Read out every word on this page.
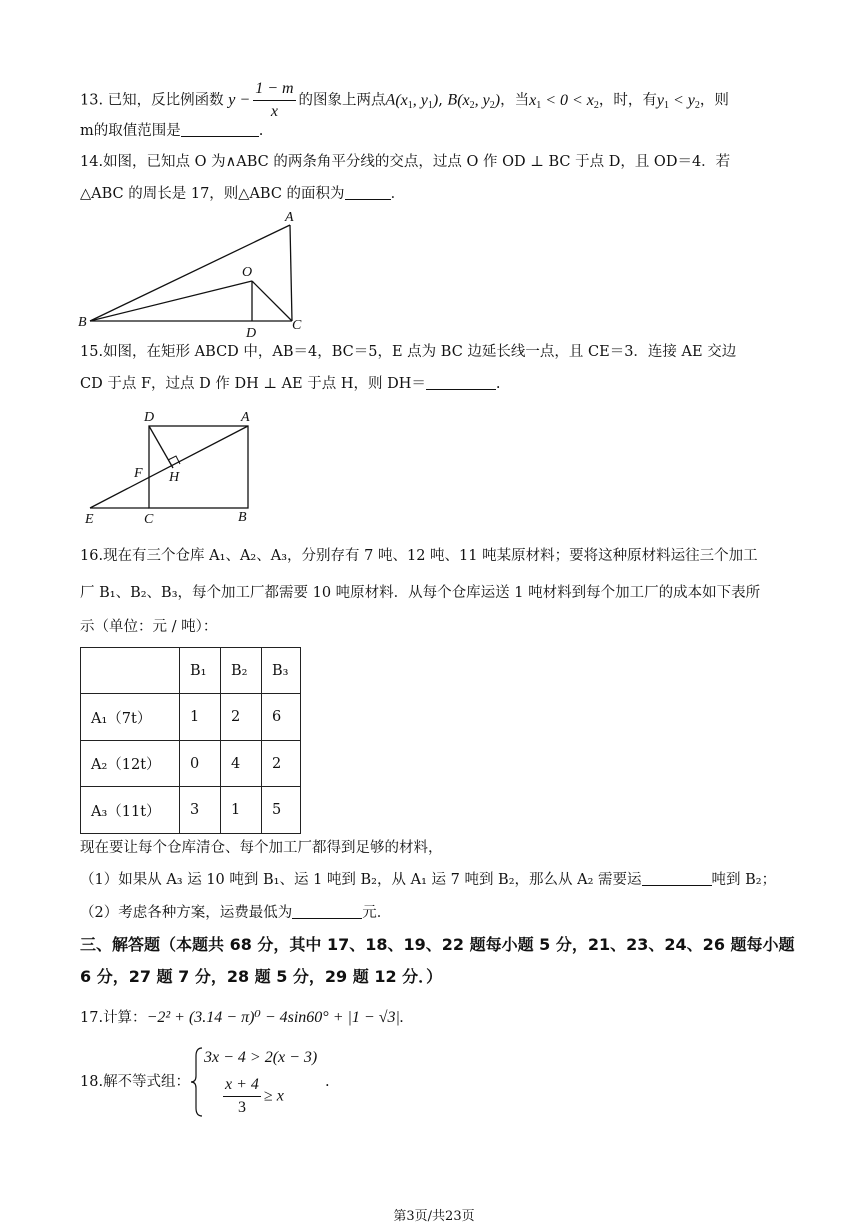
13. 已知，反比例函数 $y - \frac{1 - m}{x}$ 的图象上两点$A(x_1$, $y_1$), $B(x_2$, $y_2$)，当$x_1 < 0 < x_2$，时，有$y_1 < y_2$，则
m的取值范围是	.
14.如图，已知点 O 为∧ABC 的两条角平分线的交点，过点 O 作 OD ⊥ BC 于点 D，且 OD＝4．若
△ABC 的周长是 17，则△ABC 的面积为	．
A
O
B
D
C
15.如图，在矩形 ABCD 中，AB＝4，BC＝5，E 点为 BC 边延长线一点，且 CE＝3．连接 AE 交边
CD 于点 F，过点 D 作 DH ⊥ AE 于点 H，则 DH＝	.
D	A
F H
E	C	B
16.现在有三个仓库 A₁、A₂、A₃，分别存有 7 吨、12 吨、11 吨某原材料；要将这种原材料运往三个加工
厂 B₁、B₂、B₃，每个加工厂都需要 10 吨原材料．从每个仓库运送 1 吨材料到每个加工厂的成本如下表所
示（单位：元 / 吨）：
	B₁	B₂	B₃
A₁（7t）	1	2	6
A₂（12t）	0	4	2
A₃（11t）	3	1	5
现在要让每个仓库清仓、每个加工厂都得到足够的材料，
（1）如果从 A₃ 运 10 吨到 B₁、运 1 吨到 B₂，从 A₁ 运 7 吨到 B₂，那么从 A₂ 需要运	吨到 B₂；
（2）考虑各种方案，运费最低为	元．
三、解答题（本题共 68 分，其中 17、18、19、22 题每小题 5 分，21、23、24、26 题每小题
6 分，27 题 7 分，28 题 5 分，29 题 12 分．）
17.计算：−2² + (3.14 − π)⁰ − 4sin60° + |1 − √3|.
18.解不等式组：
3x − 4 > 2(x − 3)
$\frac{x + 4}{3} \ge x$
.
第3页/共23页
